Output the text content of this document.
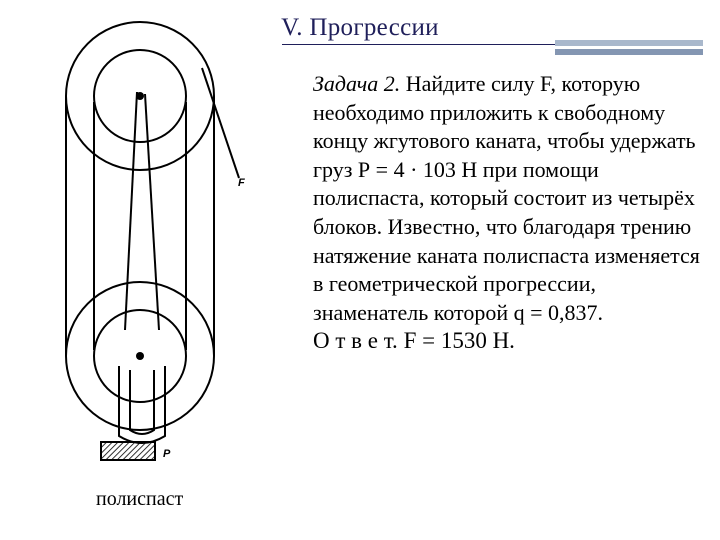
V. Прогрессии
F
P
полиспаст

Задача 2. Найдите силу F, которую необходимо приложить к свободному концу жгутового каната, чтобы удержать груз Р = 4 · 103 Н при помощи полиспаста, который состоит из четырёх блоков. Известно, что благодаря трению натяжение каната полиспаста изменяется в геометрической прогрессии, знаменатель которой q = 0,837.

О т в е т. F = 1530 Н.
